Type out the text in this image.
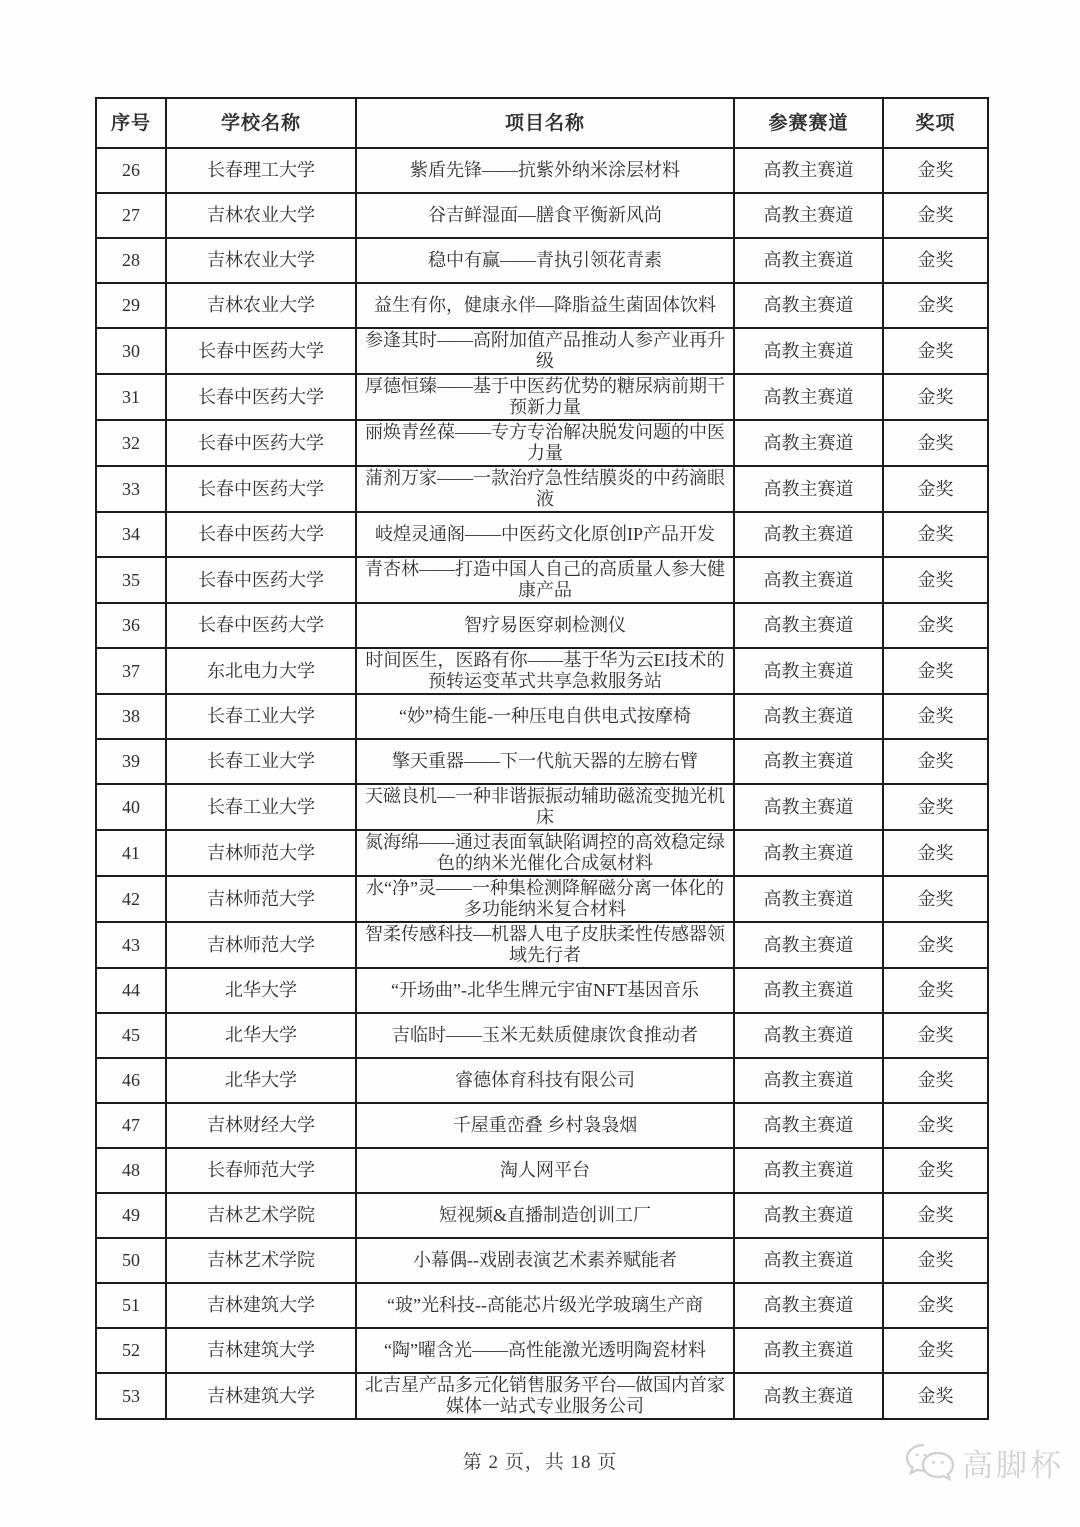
序号	学校名称	项目名称	参赛赛道	奖项
26	长春理工大学	紫盾先锋——抗紫外纳米涂层材料	高教主赛道	金奖
27	吉林农业大学	谷吉鲜湿面—膳食平衡新风尚	高教主赛道	金奖
28	吉林农业大学	稳中有赢——青执引领花青素	高教主赛道	金奖
29	吉林农业大学	益生有你，健康永伴—降脂益生菌固体饮料	高教主赛道	金奖
30	长春中医药大学	参逢其时——高附加值产品推动人参产业再升级	高教主赛道	金奖
31	长春中医药大学	厚德恒臻——基于中医药优势的糖尿病前期干预新力量	高教主赛道	金奖
32	长春中医药大学	丽焕青丝葆——专方专治解决脱发问题的中医力量	高教主赛道	金奖
33	长春中医药大学	蒲剂万家——一款治疗急性结膜炎的中药滴眼液	高教主赛道	金奖
34	长春中医药大学	岐煌灵通阁——中医药文化原创IP产品开发	高教主赛道	金奖
35	长春中医药大学	青杏林——打造中国人自己的高质量人参大健康产品	高教主赛道	金奖
36	长春中医药大学	智疗易医穿刺检测仪	高教主赛道	金奖
37	东北电力大学	时间医生，医路有你——基于华为云EI技术的预转运变革式共享急救服务站	高教主赛道	金奖
38	长春工业大学	“妙”椅生能-一种压电自供电式按摩椅	高教主赛道	金奖
39	长春工业大学	擎天重器——下一代航天器的左膀右臂	高教主赛道	金奖
40	长春工业大学	天磁良机—一种非谐振振动辅助磁流变抛光机床	高教主赛道	金奖
41	吉林师范大学	氮海绵——通过表面氧缺陷调控的高效稳定绿色的纳米光催化合成氨材料	高教主赛道	金奖
42	吉林师范大学	水“净”灵——一种集检测降解磁分离一体化的多功能纳米复合材料	高教主赛道	金奖
43	吉林师范大学	智柔传感科技—机器人电子皮肤柔性传感器领域先行者	高教主赛道	金奖
44	北华大学	“开场曲”-北华生牌元宇宙NFT基因音乐	高教主赛道	金奖
45	北华大学	吉临时——玉米无麸质健康饮食推动者	高教主赛道	金奖
46	北华大学	睿德体育科技有限公司	高教主赛道	金奖
47	吉林财经大学	千屋重峦叠 乡村袅袅烟	高教主赛道	金奖
48	长春师范大学	淘人网平台	高教主赛道	金奖
49	吉林艺术学院	短视频&直播制造创训工厂	高教主赛道	金奖
50	吉林艺术学院	小幕偶--戏剧表演艺术素养赋能者	高教主赛道	金奖
51	吉林建筑大学	“玻”光科技--高能芯片级光学玻璃生产商	高教主赛道	金奖
52	吉林建筑大学	“陶”曜含光——高性能激光透明陶瓷材料	高教主赛道	金奖
53	吉林建筑大学	北吉星产品多元化销售服务平台—做国内首家媒体一站式专业服务公司	高教主赛道	金奖
第 2 页，共 18 页	高脚杯
